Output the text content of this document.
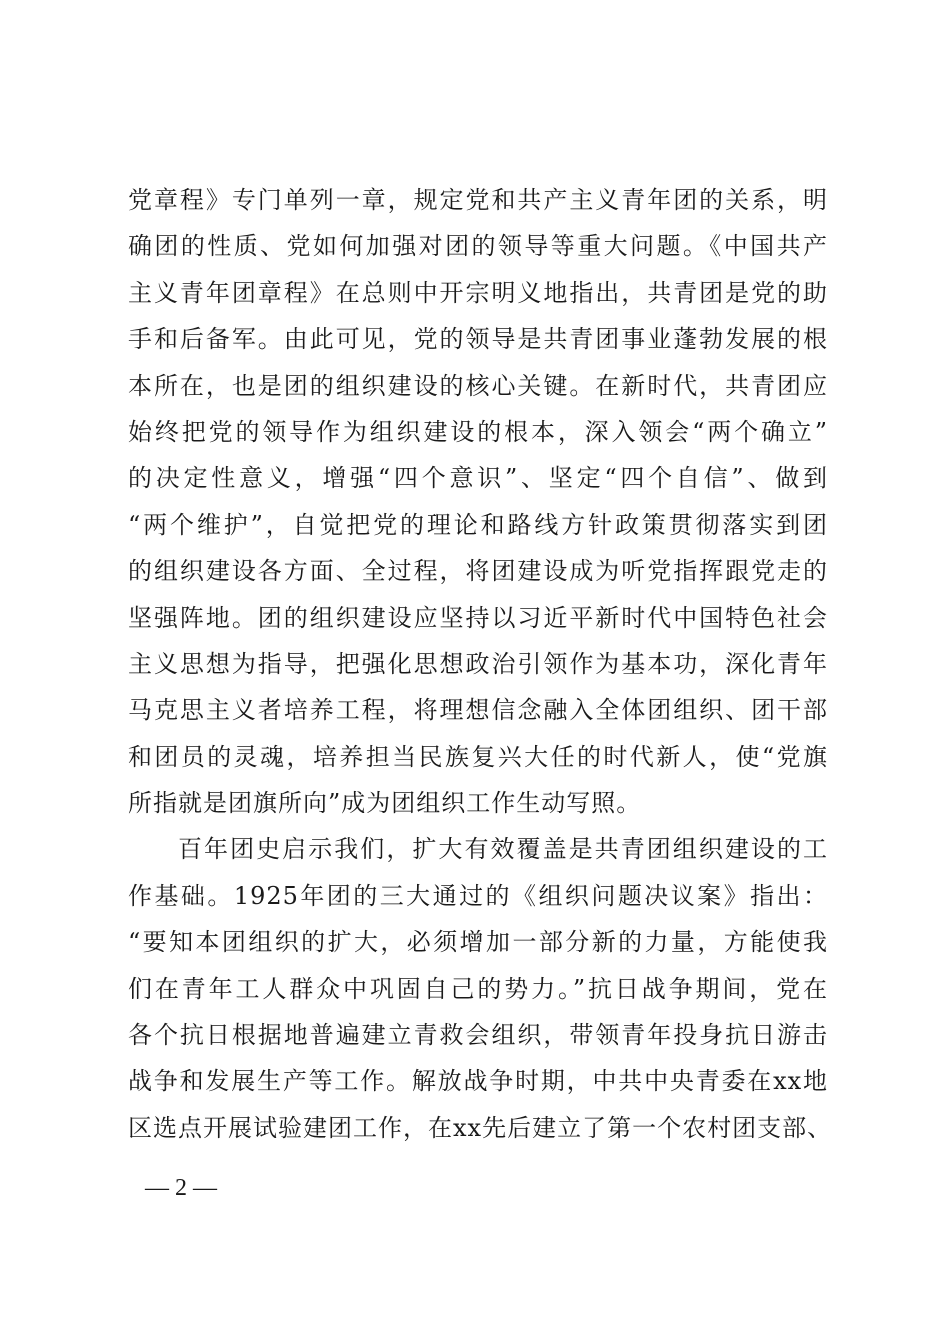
党章程》专门单列一章，规定党和共产主义青年团的关系，明
确团的性质、党如何加强对团的领导等重大问题。《中国共产
主义青年团章程》在总则中开宗明义地指出，共青团是党的助
手和后备军。由此可见，党的领导是共青团事业蓬勃发展的根
本所在，也是团的组织建设的核心关键。在新时代，共青团应
始终把党的领导作为组织建设的根本，深入领会“两个确立”
的决定性意义，增强“四个意识”、坚定“四个自信”、做到
“两个维护”，自觉把党的理论和路线方针政策贯彻落实到团
的组织建设各方面、全过程，将团建设成为听党指挥跟党走的
坚强阵地。团的组织建设应坚持以习近平新时代中国特色社会
主义思想为指导，把强化思想政治引领作为基本功，深化青年
马克思主义者培养工程，将理想信念融入全体团组织、团干部
和团员的灵魂，培养担当民族复兴大任的时代新人，使“党旗
所指就是团旗所向”成为团组织工作生动写照。
百年团史启示我们，扩大有效覆盖是共青团组织建设的工
作基础。1925年团的三大通过的《组织问题决议案》指出：
“要知本团组织的扩大，必须增加一部分新的力量，方能使我
们在青年工人群众中巩固自己的势力。”抗日战争期间，党在
各个抗日根据地普遍建立青救会组织，带领青年投身抗日游击
战争和发展生产等工作。解放战争时期，中共中央青委在xx地
区选点开展试验建团工作，在xx先后建立了第一个农村团支部、
— 2 —
